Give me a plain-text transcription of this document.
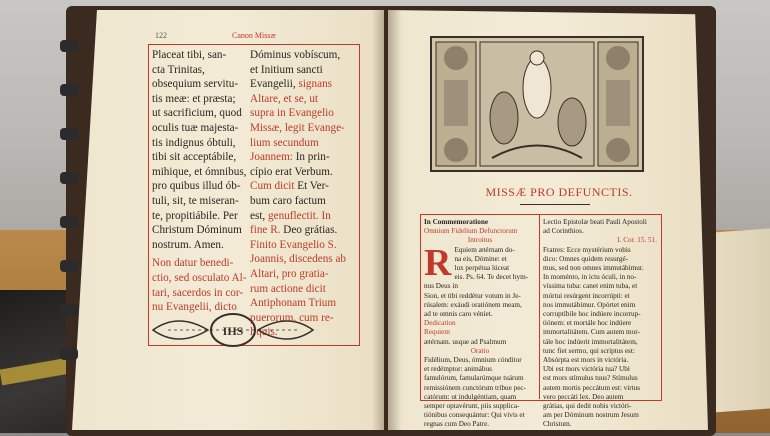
122	Canon Missæ

Placeat tibi, san-

cta Trinitas,

obsequium servitu-

tis meæ: et præsta;

ut sacrificium, quod

oculis tuæ majesta-

tis indignus óbtuli,

tibi sit acceptábile,

mihique, et ómnibus,

pro quibus illud ób-

tuli, sit, te miseran-

te, propitiábile. Per

Christum Dóminum

nostrum. Amen.

Non datur benedi-

ctio, sed osculato Al-

tari, sacerdos in cor-

nu Evangelii, dicto

Dóminus vobíscum,

et Initium sancti

Evangelii, signans

Altare, et se, ut

supra in Evangelio

Missæ, legit Evange-

lium secundum

Joannem: In prin-

cípio erat Verbum.

Cum dicit Et Ver-

bum caro factum

est, genuflectit. In

fine R. Deo grátias.

Finito Evangelio S.

Joannis, discedens ab

Altari, pro gratia-

rum actione dicit

Antiphonam Trium

puerorum. cum re-

liquis.

IHS
MISSÆ PRO DEFUNCTIS.

In Commemoratione

Omnium Fidelium Defunctorum

Introitus

R Equiem ætérnam do-

na eis, Dómine: et

lux perpétua lúceat

eis. Ps. 64. Te decet hym-

nus Deus in

Sion, et tibi reddétur votum in Je-

rúsalem: exáudi oratiónem meam,

ad te omnis caro véniet.

Dedication

Requiem

ætérnam. usque ad Psalmum

Oratio

Fidélium, Deus, ómnium cónditor

et redémptor: animábus

famulórum, famularúmque tuárum

remissiónem cunctórum tríbue pec-

catórum: ut indulgéntiam, quam

semper optavérunt, piis supplica-

tiónibus consequántur: Qui vivis et

regnas cum Deo Patre.

Lectio Epistolæ beati Pauli Apostoli

ad Corinthios.

I. Cor. 15. 51.

Fratres: Ecce mystérium vobis

dico: Omnes quidem resurgé-

mus, sed non omnes immutábimur.

In moménto, in ictu óculi, in no-

víssima tuba: canet enim tuba, et

mórtui resúrgent incorrúpti: et

nos immutábimur. Opórtet enim

corruptíbile hoc indúere incorrup-

tiónem: et mortále hoc indúere

immortalitátem. Cum autem mor-

tále hoc indúerit immortalitátem,

tunc fiet sermo, qui scriptus est:

Absórpta est mors in victória.

Ubi est mors victória tua? Ubi

est mors stímulus tuus? Stímulus

autem mortis peccátum est: virtus

vero peccáti lex. Deo autem

grátias, qui dedit nobis victóri-

am per Dóminum nostrum Jesum

Christum.
